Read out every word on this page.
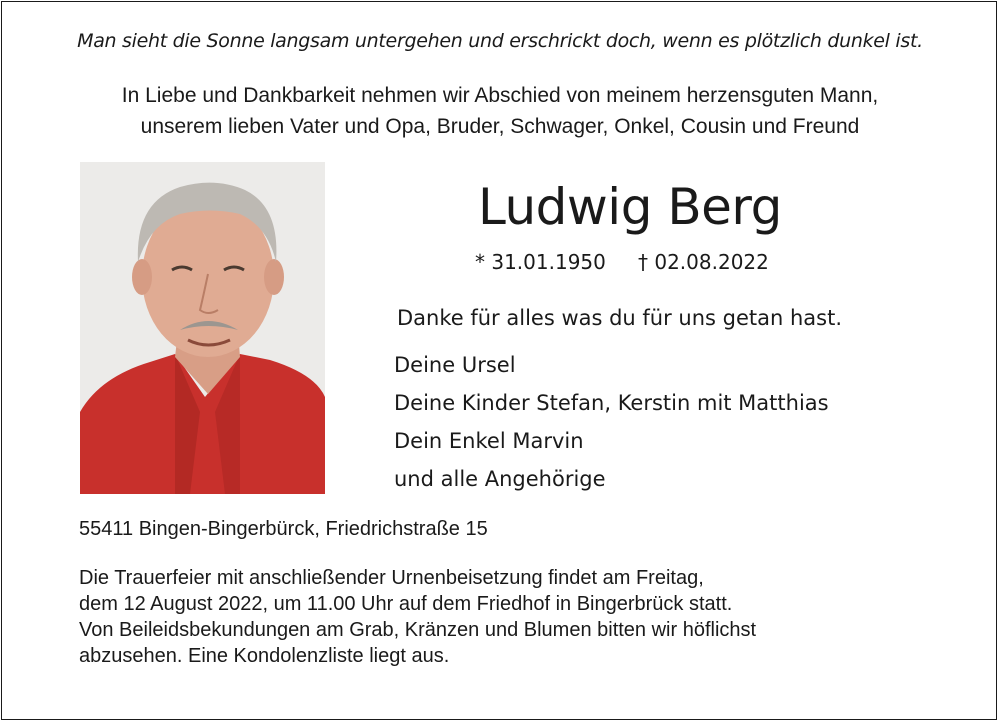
Man sieht die Sonne langsam untergehen und erschrickt doch, wenn es plötzlich dunkel ist.
In Liebe und Dankbarkeit nehmen wir Abschied von meinem herzensguten Mann,
unserem lieben Vater und Opa, Bruder, Schwager, Onkel, Cousin und Freund
Ludwig Berg
* 31.01.1950 † 02.08.2022
Danke für alles was du für uns getan hast.
Deine Ursel
Deine Kinder Stefan, Kerstin mit Matthias
Dein Enkel Marvin
und alle Angehörige
55411 Bingen-Bingerbürck, Friedrichstraße 15
Die Trauerfeier mit anschließender Urnenbeisetzung findet am Freitag,
dem 12 August 2022, um 11.00 Uhr auf dem Friedhof in Bingerbrück statt.
Von Beileidsbekundungen am Grab, Kränzen und Blumen bitten wir höflichst
abzusehen. Eine Kondolenzliste liegt aus.
